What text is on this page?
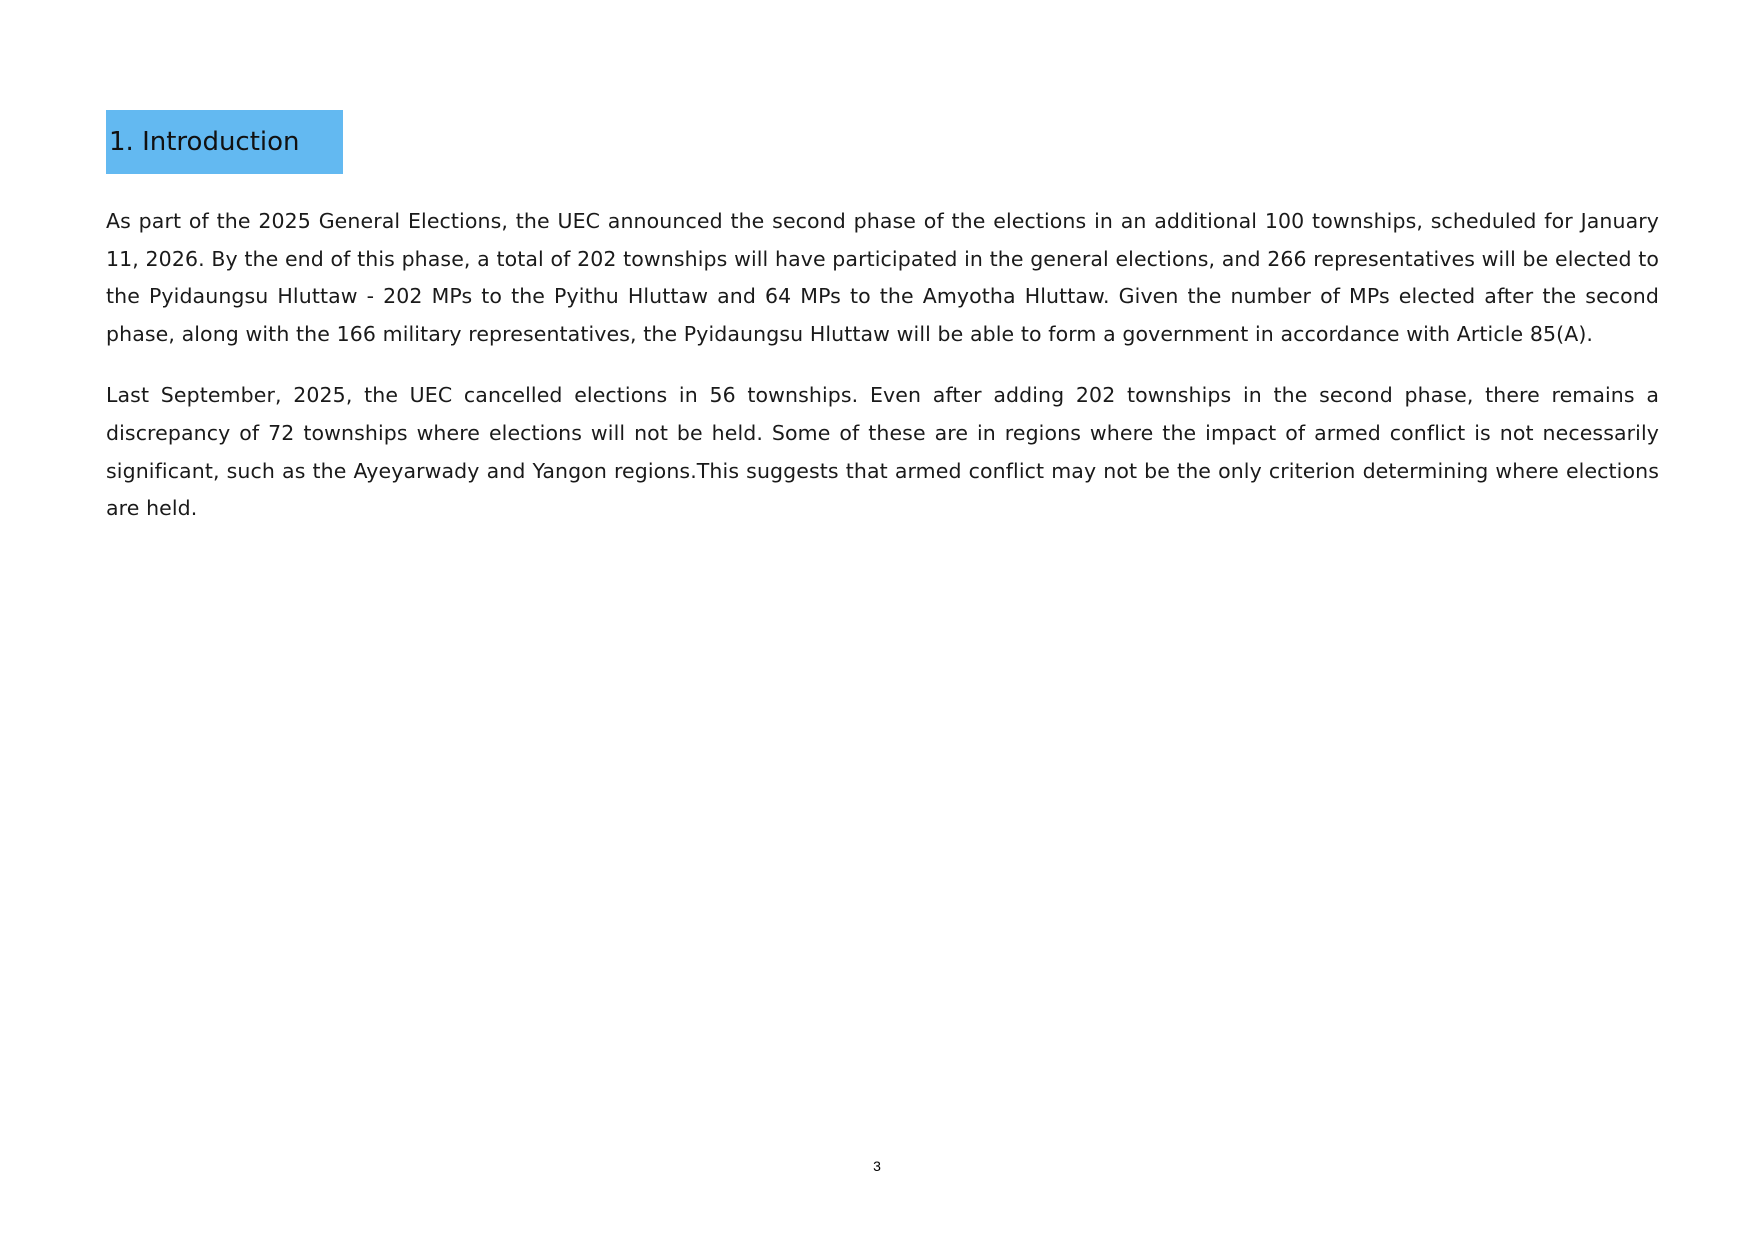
1. Introduction

As part of the 2025 General Elections, the UEC announced the second phase of the elections in an additional 100 townships, scheduled for January 11, 2026. By the end of this phase, a total of 202 townships will have participated in the general elections, and 266 representatives will be elected to the Pyidaungsu Hluttaw - 202 MPs to the Pyithu Hluttaw and 64 MPs to the Amyotha Hluttaw. Given the number of MPs elected after the second phase, along with the 166 military representatives, the Pyidaungsu Hluttaw will be able to form a government in accordance with Article 85(A).

Last September, 2025, the UEC cancelled elections in 56 townships. Even after adding 202 townships in the second phase, there remains a discrepancy of 72 townships where elections will not be held. Some of these are in regions where the impact of armed conflict is not necessarily significant, such as the Ayeyarwady and Yangon regions.This suggests that armed conflict may not be the only criterion determining where elections are held.

3
